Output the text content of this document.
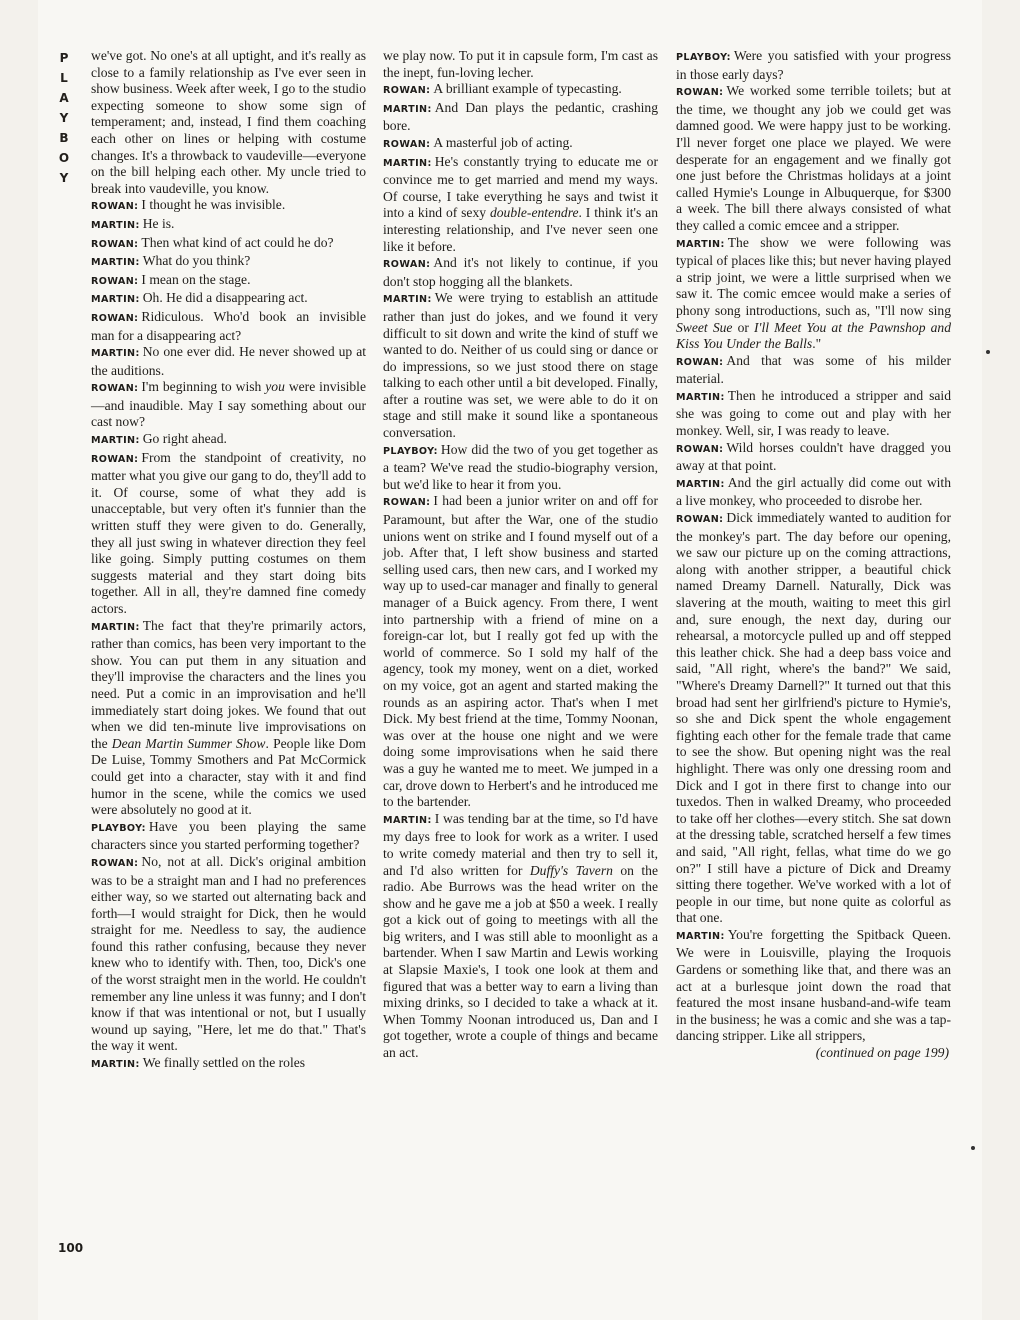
P
L
A
Y
B
O
Y

we've got. No one's at all uptight, and it's really as close to a family relationship as I've ever seen in show business. Week after week, I go to the studio expecting someone to show some sign of temperament; and, instead, I find them coaching each other on lines or helping with costume changes. It's a throwback to vaudeville—everyone on the bill helping each other. My uncle tried to break into vaudeville, you know.

ROWAN: I thought he was invisible.

MARTIN: He is.

ROWAN: Then what kind of act could he do?

MARTIN: What do you think?

ROWAN: I mean on the stage.

MARTIN: Oh. He did a disappearing act.

ROWAN: Ridiculous. Who'd book an invisible man for a disappearing act?

MARTIN: No one ever did. He never showed up at the auditions.

ROWAN: I'm beginning to wish you were invisible—and inaudible. May I say something about our cast now?

MARTIN: Go right ahead.

ROWAN: From the standpoint of creativity, no matter what you give our gang to do, they'll add to it. Of course, some of what they add is unacceptable, but very often it's funnier than the written stuff they were given to do. Generally, they all just swing in whatever direction they feel like going. Simply putting costumes on them suggests material and they start doing bits together. All in all, they're damned fine comedy actors.

MARTIN: The fact that they're primarily actors, rather than comics, has been very important to the show. You can put them in any situation and they'll improvise the characters and the lines you need. Put a comic in an improvisation and he'll immediately start doing jokes. We found that out when we did ten-minute live improvisations on the Dean Martin Summer Show. People like Dom De Luise, Tommy Smothers and Pat McCormick could get into a character, stay with it and find humor in the scene, while the comics we used were absolutely no good at it.

PLAYBOY: Have you been playing the same characters since you started performing together?

ROWAN: No, not at all. Dick's original ambition was to be a straight man and I had no preferences either way, so we started out alternating back and forth—I would straight for Dick, then he would straight for me. Needless to say, the audience found this rather confusing, because they never knew who to identify with. Then, too, Dick's one of the worst straight men in the world. He couldn't remember any line unless it was funny; and I don't know if that was intentional or not, but I usually wound up saying, "Here, let me do that." That's the way it went.

MARTIN: We finally settled on the roles

we play now. To put it in capsule form, I'm cast as the inept, fun-loving lecher.

ROWAN: A brilliant example of typecasting.

MARTIN: And Dan plays the pedantic, crashing bore.

ROWAN: A masterful job of acting.

MARTIN: He's constantly trying to educate me or convince me to get married and mend my ways. Of course, I take everything he says and twist it into a kind of sexy double-entendre. I think it's an interesting relationship, and I've never seen one like it before.

ROWAN: And it's not likely to continue, if you don't stop hogging all the blankets.

MARTIN: We were trying to establish an attitude rather than just do jokes, and we found it very difficult to sit down and write the kind of stuff we wanted to do. Neither of us could sing or dance or do impressions, so we just stood there on stage talking to each other until a bit developed. Finally, after a routine was set, we were able to do it on stage and still make it sound like a spontaneous conversation.

PLAYBOY: How did the two of you get together as a team? We've read the studio-biography version, but we'd like to hear it from you.

ROWAN: I had been a junior writer on and off for Paramount, but after the War, one of the studio unions went on strike and I found myself out of a job. After that, I left show business and started selling used cars, then new cars, and I worked my way up to used-car manager and finally to general manager of a Buick agency. From there, I went into partnership with a friend of mine on a foreign-car lot, but I really got fed up with the world of commerce. So I sold my half of the agency, took my money, went on a diet, worked on my voice, got an agent and started making the rounds as an aspiring actor. That's when I met Dick. My best friend at the time, Tommy Noonan, was over at the house one night and we were doing some improvisations when he said there was a guy he wanted me to meet. We jumped in a car, drove down to Herbert's and he introduced me to the bartender.

MARTIN: I was tending bar at the time, so I'd have my days free to look for work as a writer. I used to write comedy material and then try to sell it, and I'd also written for Duffy's Tavern on the radio. Abe Burrows was the head writer on the show and he gave me a job at $50 a week. I really got a kick out of going to meetings with all the big writers, and I was still able to moonlight as a bartender. When I saw Martin and Lewis working at Slapsie Maxie's, I took one look at them and figured that was a better way to earn a living than mixing drinks, so I decided to take a whack at it. When Tommy Noonan introduced us, Dan and I got together, wrote a couple of things and became an act.

PLAYBOY: Were you satisfied with your progress in those early days?

ROWAN: We worked some terrible toilets; but at the time, we thought any job we could get was damned good. We were happy just to be working. I'll never forget one place we played. We were desperate for an engagement and we finally got one just before the Christmas holidays at a joint called Hymie's Lounge in Albuquerque, for $300 a week. The bill there always consisted of what they called a comic emcee and a stripper.

MARTIN: The show we were following was typical of places like this; but never having played a strip joint, we were a little surprised when we saw it. The comic emcee would make a series of phony song introductions, such as, "I'll now sing Sweet Sue or I'll Meet You at the Pawnshop and Kiss You Under the Balls."

ROWAN: And that was some of his milder material.

MARTIN: Then he introduced a stripper and said she was going to come out and play with her monkey. Well, sir, I was ready to leave.

ROWAN: Wild horses couldn't have dragged you away at that point.

MARTIN: And the girl actually did come out with a live monkey, who proceeded to disrobe her.

ROWAN: Dick immediately wanted to audition for the monkey's part. The day before our opening, we saw our picture up on the coming attractions, along with another stripper, a beautiful chick named Dreamy Darnell. Naturally, Dick was slavering at the mouth, waiting to meet this girl and, sure enough, the next day, during our rehearsal, a motorcycle pulled up and off stepped this leather chick. She had a deep bass voice and said, "All right, where's the band?" We said, "Where's Dreamy Darnell?" It turned out that this broad had sent her girlfriend's picture to Hymie's, so she and Dick spent the whole engagement fighting each other for the female trade that came to see the show. But opening night was the real highlight. There was only one dressing room and Dick and I got in there first to change into our tuxedos. Then in walked Dreamy, who proceeded to take off her clothes—every stitch. She sat down at the dressing table, scratched herself a few times and said, "All right, fellas, what time do we go on?" I still have a picture of Dick and Dreamy sitting there together. We've worked with a lot of people in our time, but none quite as colorful as that one.

MARTIN: You're forgetting the Spitback Queen. We were in Louisville, playing the Iroquois Gardens or something like that, and there was an act at a burlesque joint down the road that featured the most insane husband-and-wife team in the business; he was a comic and she was a tap-dancing stripper. Like all strippers,

(continued on page 199)

100
